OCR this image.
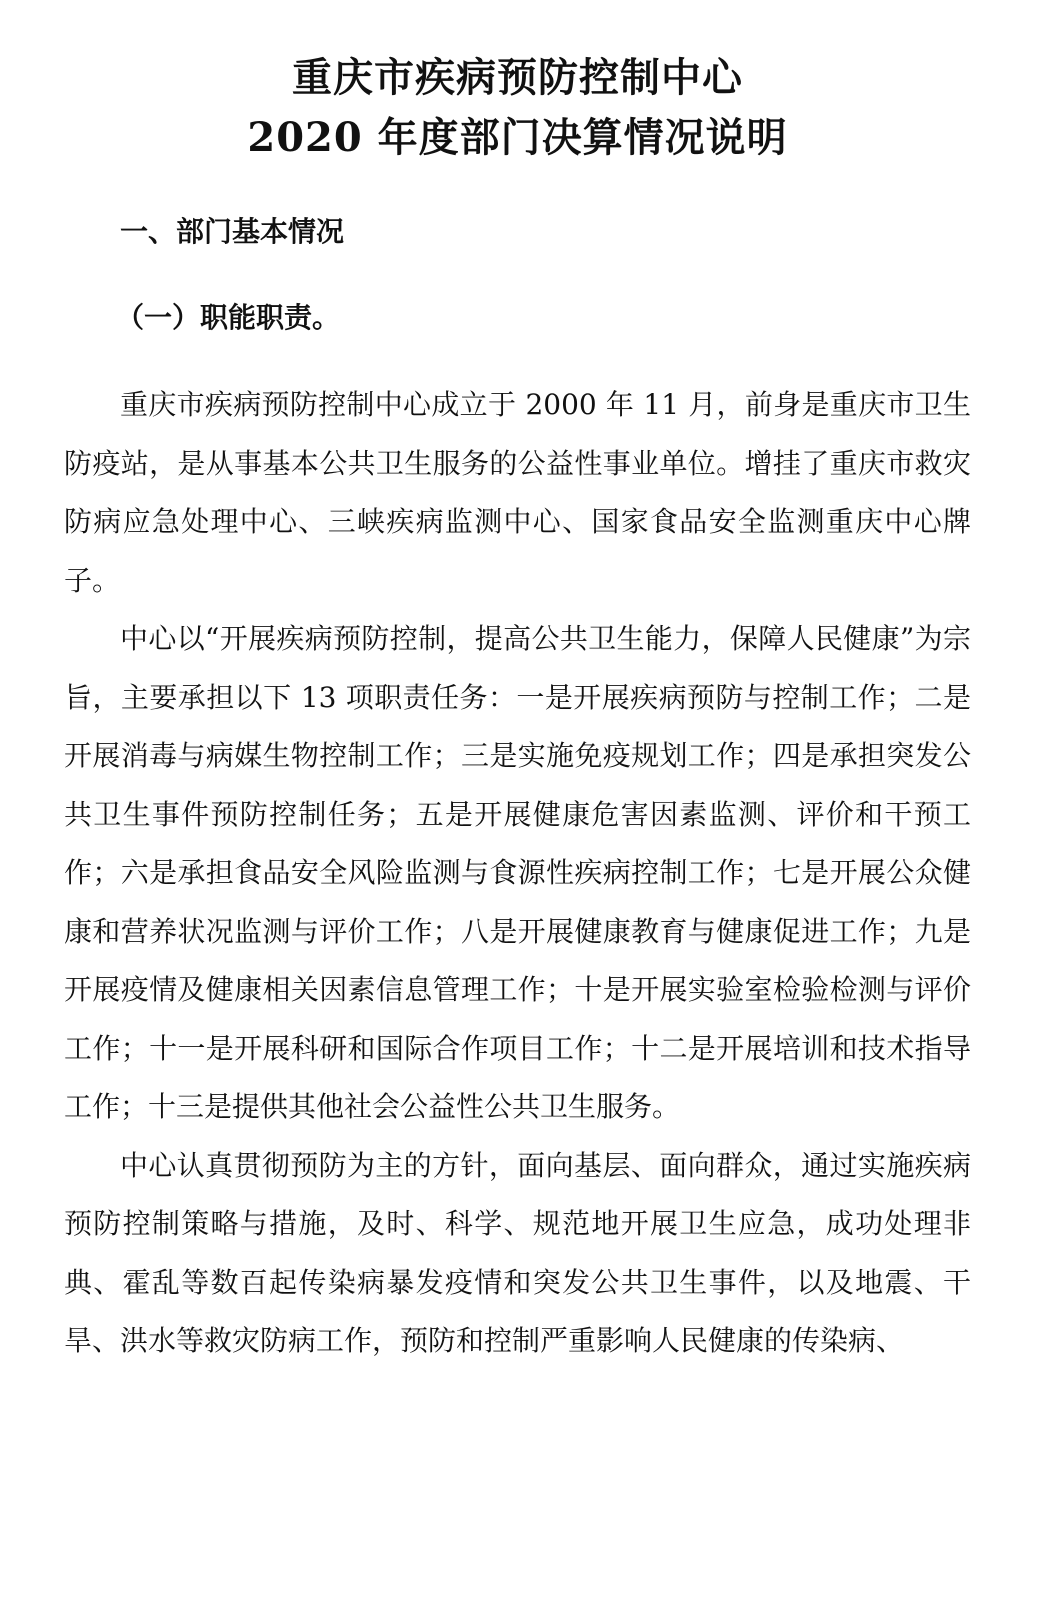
重庆市疾病预防控制中心
2020 年度部门决算情况说明
一、部门基本情况
（一）职能职责。

重庆市疾病预防控制中心成立于 2000 年 11 月，前身是重庆市卫生防疫站，是从事基本公共卫生服务的公益性事业单位。增挂了重庆市救灾防病应急处理中心、三峡疾病监测中心、国家食品安全监测重庆中心牌子。

中心以“开展疾病预防控制，提高公共卫生能力，保障人民健康”为宗旨，主要承担以下 13 项职责任务：一是开展疾病预防与控制工作；二是开展消毒与病媒生物控制工作；三是实施免疫规划工作；四是承担突发公共卫生事件预防控制任务；五是开展健康危害因素监测、评价和干预工作；六是承担食品安全风险监测与食源性疾病控制工作；七是开展公众健康和营养状况监测与评价工作；八是开展健康教育与健康促进工作；九是开展疫情及健康相关因素信息管理工作；十是开展实验室检验检测与评价工作；十一是开展科研和国际合作项目工作；十二是开展培训和技术指导工作；十三是提供其他社会公益性公共卫生服务。

中心认真贯彻预防为主的方针，面向基层、面向群众，通过实施疾病预防控制策略与措施，及时、科学、规范地开展卫生应急，成功处理非典、霍乱等数百起传染病暴发疫情和突发公共卫生事件，以及地震、干旱、洪水等救灾防病工作，预防和控制严重影响人民健康的传染病、
